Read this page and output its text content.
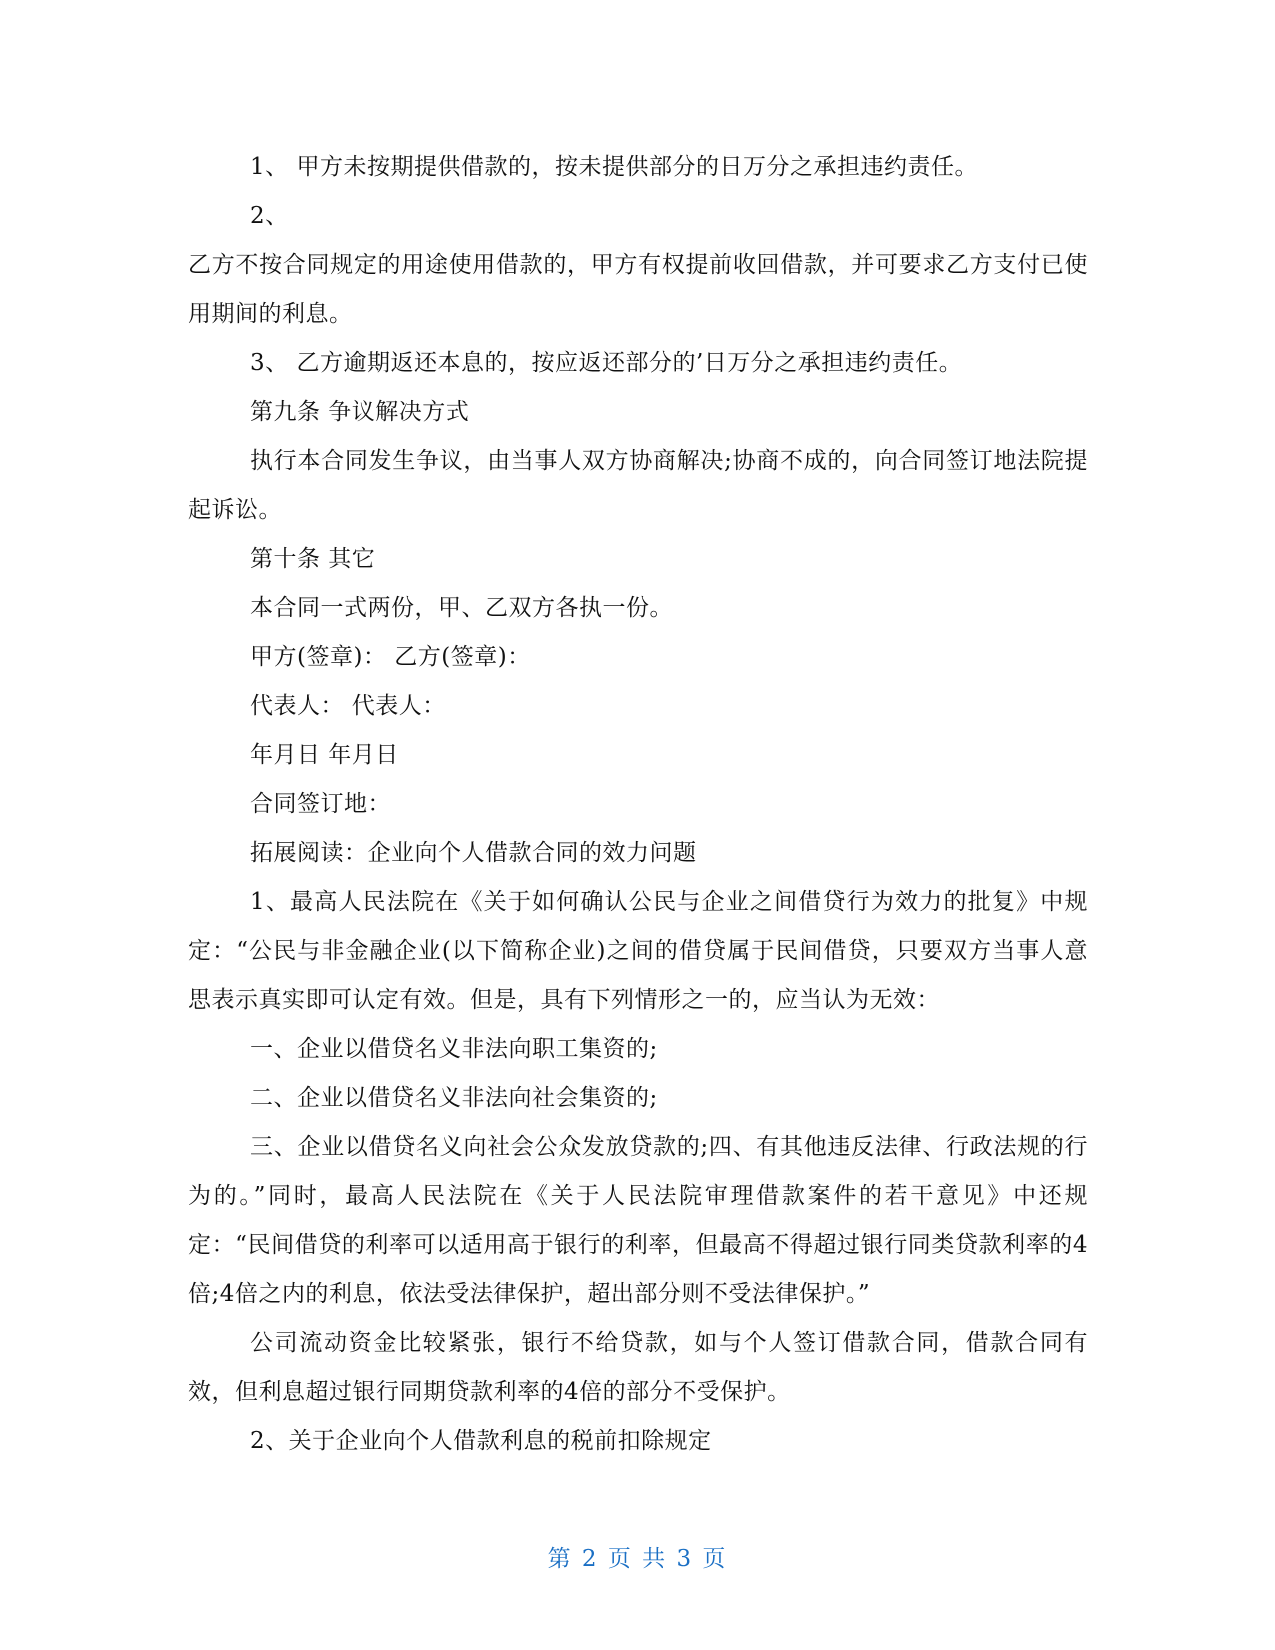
1、 甲方未按期提供借款的，按未提供部分的日万分之承担违约责任。

2、

乙方不按合同规定的用途使用借款的，甲方有权提前收回借款，并可要求乙方支付已使用期间的利息。

3、 乙方逾期返还本息的，按应返还部分的’日万分之承担违约责任。

第九条 争议解决方式

执行本合同发生争议，由当事人双方协商解决;协商不成的，向合同签订地法院提起诉讼。

第十条 其它

本合同一式两份，甲、乙双方各执一份。

甲方(签章)： 乙方(签章)：

代表人： 代表人：

年月日 年月日

合同签订地：

拓展阅读：企业向个人借款合同的效力问题

1、最高人民法院在《关于如何确认公民与企业之间借贷行为效力的批复》中规定：“公民与非金融企业(以下简称企业)之间的借贷属于民间借贷，只要双方当事人意思表示真实即可认定有效。但是，具有下列情形之一的，应当认为无效：

一、企业以借贷名义非法向职工集资的;

二、企业以借贷名义非法向社会集资的;

三、企业以借贷名义向社会公众发放贷款的;四、有其他违反法律、行政法规的行为的。”同时，最高人民法院在《关于人民法院审理借款案件的若干意见》中还规定：“民间借贷的利率可以适用高于银行的利率，但最高不得超过银行同类贷款利率的4倍;4倍之内的利息，依法受法律保护，超出部分则不受法律保护。”

公司流动资金比较紧张，银行不给贷款，如与个人签订借款合同，借款合同有效，但利息超过银行同期贷款利率的4倍的部分不受保护。

2、关于企业向个人借款利息的税前扣除规定

第 2 页 共 3 页
